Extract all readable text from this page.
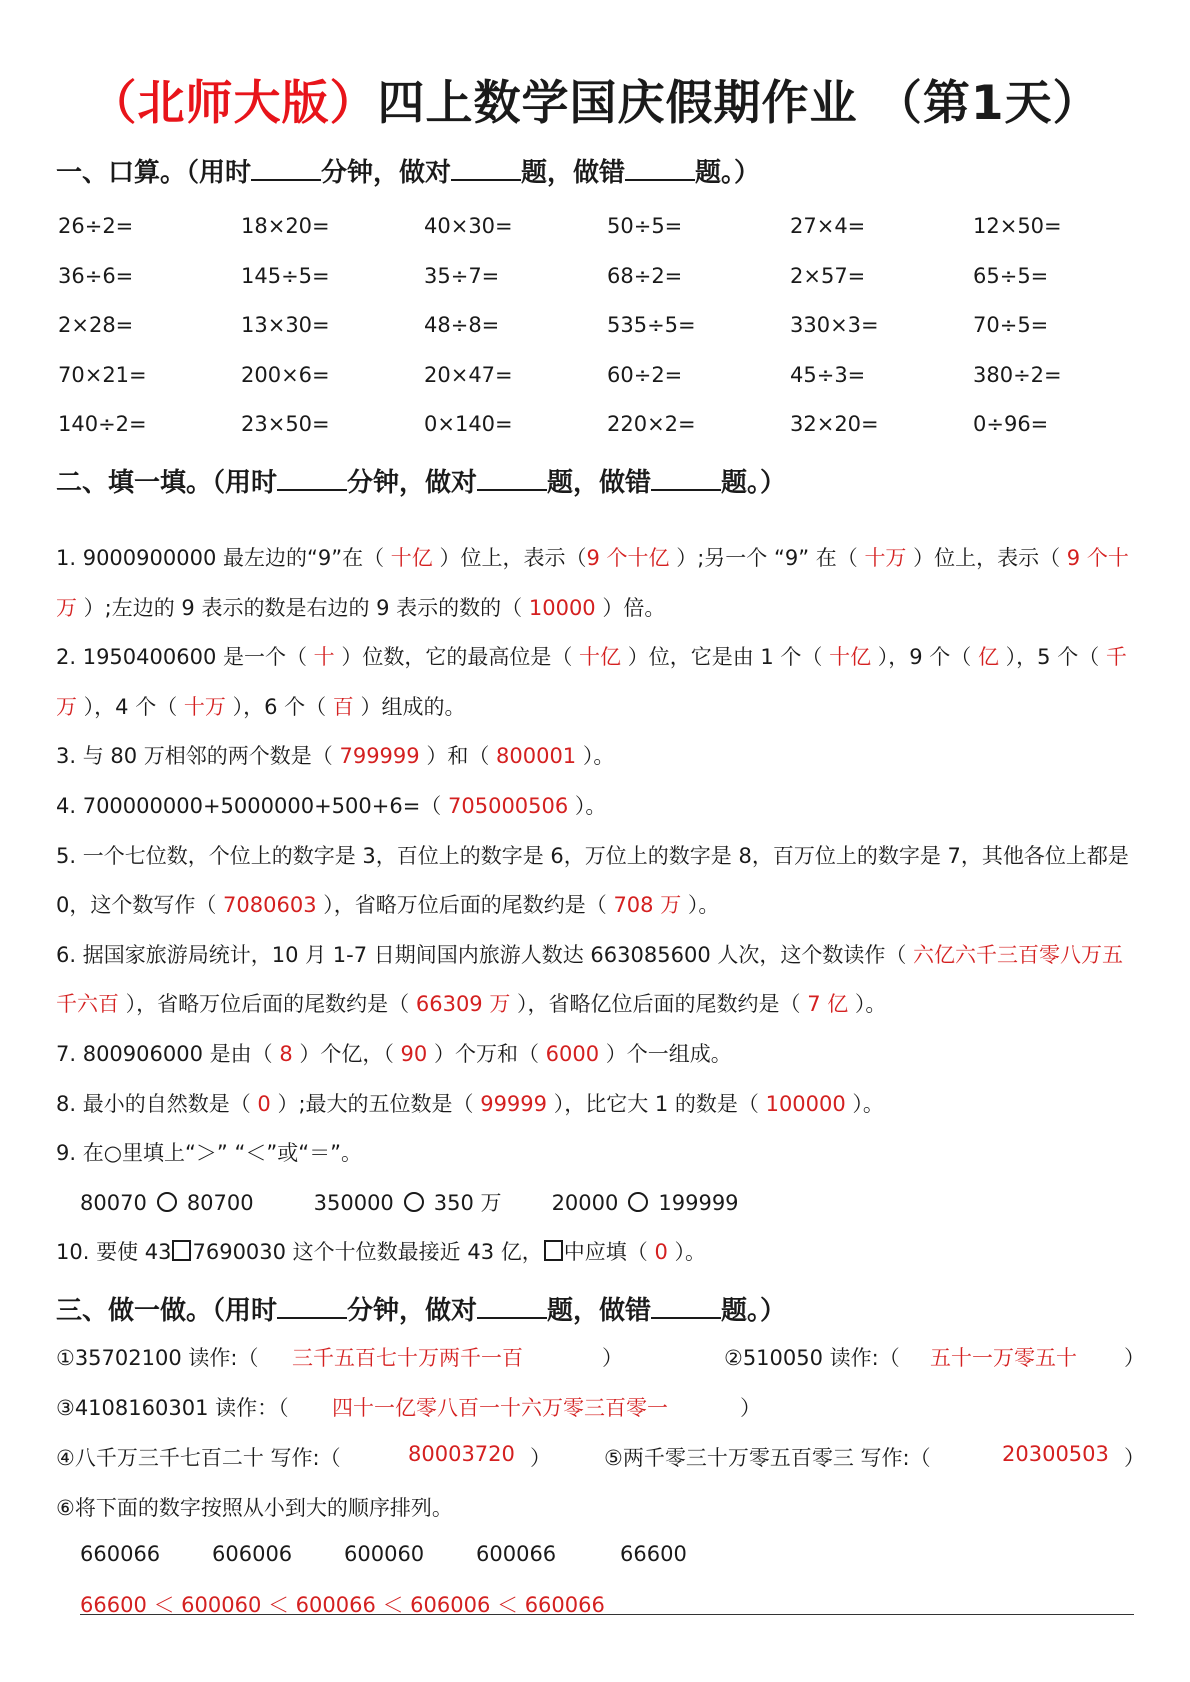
（北师大版）四上数学国庆假期作业 （第1天）
一、口算。（用时	分钟，做对	题，做错	题。）
26÷2=	18×20=	40×30=	50÷5=	27×4=	12×50=
36÷6=	145÷5=	35÷7=	68÷2=	2×57=	65÷5=
2×28=	13×30=	48÷8=	535÷5=	330×3=	70÷5=
70×21=	200×6=	20×47=	60÷2=	45÷3=	380÷2=
140÷2=	23×50=	0×140=	220×2=	32×20=	0÷96=
二、填一填。（用时	分钟，做对	题，做错	题。）

1. 9000900000 最左边的“9”在（ 十亿 ）位上，表示（9 个十亿 ）;另一个 “9” 在（ 十万 ）位上，表示（ 9 个十万 ）;左边的 9 表示的数是右边的 9 表示的数的（ 10000 ）倍。

2. 1950400600 是一个（ 十 ）位数，它的最高位是（ 十亿 ）位，它是由 1 个（ 十亿 ），9 个（ 亿 ），5 个（ 千万 ），4 个（ 十万 ），6 个（ 百 ）组成的。

3. 与 80 万相邻的两个数是（ 799999 ）和（ 800001 ）。

4. 700000000+5000000+500+6=（ 705000506 ）。

5. 一个七位数，个位上的数字是 3，百位上的数字是 6，万位上的数字是 8，百万位上的数字是 7，其他各位上都是 0，这个数写作（ 7080603 ），省略万位后面的尾数约是（ 708 万 ）。

6. 据国家旅游局统计，10 月 1-7 日期间国内旅游人数达 663085600 人次，这个数读作（ 六亿六千三百零八万五千六百 ），省略万位后面的尾数约是（ 66309 万 ），省略亿位后面的尾数约是（ 7 亿 ）。

7. 800906000 是由（ 8 ）个亿，（ 90 ）个万和（ 6000 ）个一组成。

8. 最小的自然数是（ 0 ）;最大的五位数是（ 99999 ），比它大 1 的数是（ 100000 ）。

9. 在○里填上“＞” “＜”或“＝”。

80070 80700	350000 350 万 20000 199999

10. 要使 43 7690030 这个十位数最接近 43 亿， 中应填（ 0 ）。

三、做一做。（用时	分钟，做对	题，做错	题。）
①35702100 读作:（ 三千五百七十万两千一百	）	②510050 读作:（ 五十一万零五十 ）
③4108160301 读作：（ 四十一亿零八百一十六万零三百零一	）
④八千万三千七百二十 写作:（	80003720 ）	⑤两千零三十万零五百零三 写作:（	20300503 ）
⑥将下面的数字按照从小到大的顺序排列。
660066 606006 600060 600066	66600
66600 ＜ 600060 ＜ 600066 ＜ 606006 ＜ 660066
